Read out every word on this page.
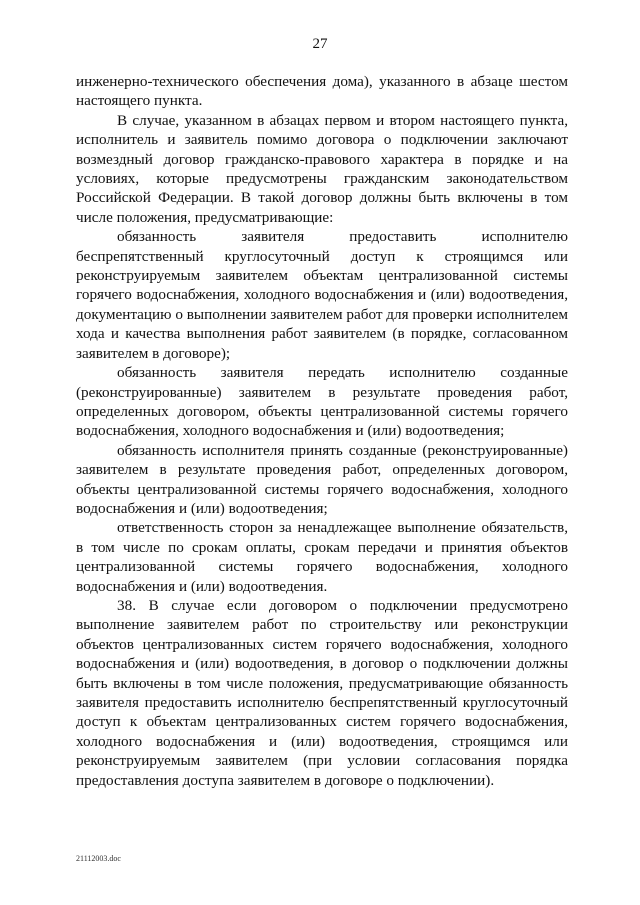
27

инженерно-технического обеспечения дома), указанного в абзаце шестом настоящего пункта.

В случае, указанном в абзацах первом и втором настоящего пункта, исполнитель и заявитель помимо договора о подключении заключают возмездный договор гражданско-правового характера в порядке и на условиях, которые предусмотрены гражданским законодательством Российской Федерации. В такой договор должны быть включены в том числе положения, предусматривающие:

обязанность заявителя предоставить исполнителю беспрепятственный круглосуточный доступ к строящимся или реконструируемым заявителем объектам централизованной системы горячего водоснабжения, холодного водоснабжения и (или) водоотведения, документацию о выполнении заявителем работ для проверки исполнителем хода и качества выполнения работ заявителем (в порядке, согласованном заявителем в договоре);

обязанность заявителя передать исполнителю созданные (реконструированные) заявителем в результате проведения работ, определенных договором, объекты централизованной системы горячего водоснабжения, холодного водоснабжения и (или) водоотведения;

обязанность исполнителя принять созданные (реконструированные) заявителем в результате проведения работ, определенных договором, объекты централизованной системы горячего водоснабжения, холодного водоснабжения и (или) водоотведения;

ответственность сторон за ненадлежащее выполнение обязательств, в том числе по срокам оплаты, срокам передачи и принятия объектов централизованной системы горячего водоснабжения, холодного водоснабжения и (или) водоотведения.

38. В случае если договором о подключении предусмотрено выполнение заявителем работ по строительству или реконструкции объектов централизованных систем горячего водоснабжения, холодного водоснабжения и (или) водоотведения, в договор о подключении должны быть включены в том числе положения, предусматривающие обязанность заявителя предоставить исполнителю беспрепятственный круглосуточный доступ к объектам централизованных систем горячего водоснабжения, холодного водоснабжения и (или) водоотведения, строящимся или реконструируемым заявителем (при условии согласования порядка предоставления доступа заявителем в договоре о подключении).

21112003.doc
